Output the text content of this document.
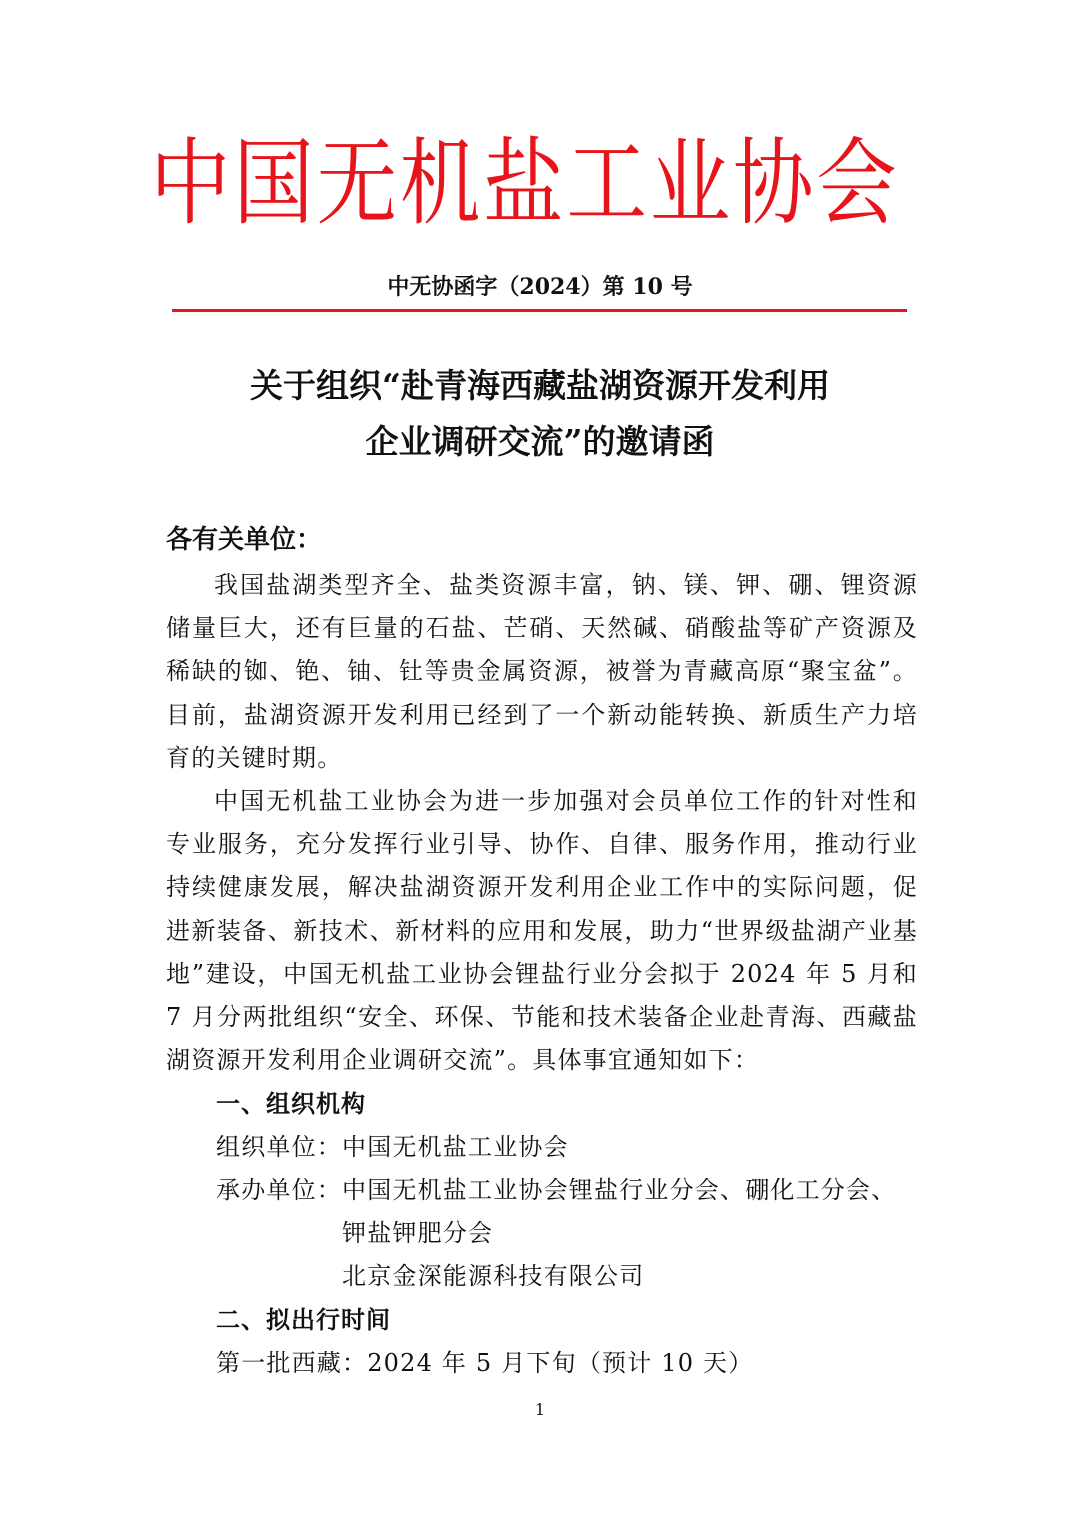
中 国 无 机 盐 工 业 协 会
中无协函字（2024）第 10 号
关于组织“赴青海西藏盐湖资源开发利用
企业调研交流”的邀请函
各有关单位：

我国盐湖类型齐全、盐类资源丰富，钠、镁、钾、硼、锂资源储量巨大，还有巨量的石盐、芒硝、天然碱、硝酸盐等矿产资源及稀缺的铷、铯、铀、钍等贵金属资源，被誉为青藏高原“聚宝盆”。目前，盐湖资源开发利用已经到了一个新动能转换、新质生产力培育的关键时期。

中国无机盐工业协会为进一步加强对会员单位工作的针对性和专业服务，充分发挥行业引导、协作、自律、服务作用，推动行业持续健康发展，解决盐湖资源开发利用企业工作中的实际问题，促进新装备、新技术、新材料的应用和发展，助力“世界级盐湖产业基地”建设，中国无机盐工业协会锂盐行业分会拟于 2024 年 5 月和 7 月分两批组织“安全、环保、节能和技术装备企业赴青海、西藏盐湖资源开发利用企业调研交流”。具体事宜通知如下：

一、组织机构
组织单位：中国无机盐工业协会
承办单位：中国无机盐工业协会锂盐行业分会、硼化工分会、
钾盐钾肥分会
北京金深能源科技有限公司
二、拟出行时间
第一批西藏：2024 年 5 月下旬（预计 10 天）
1
